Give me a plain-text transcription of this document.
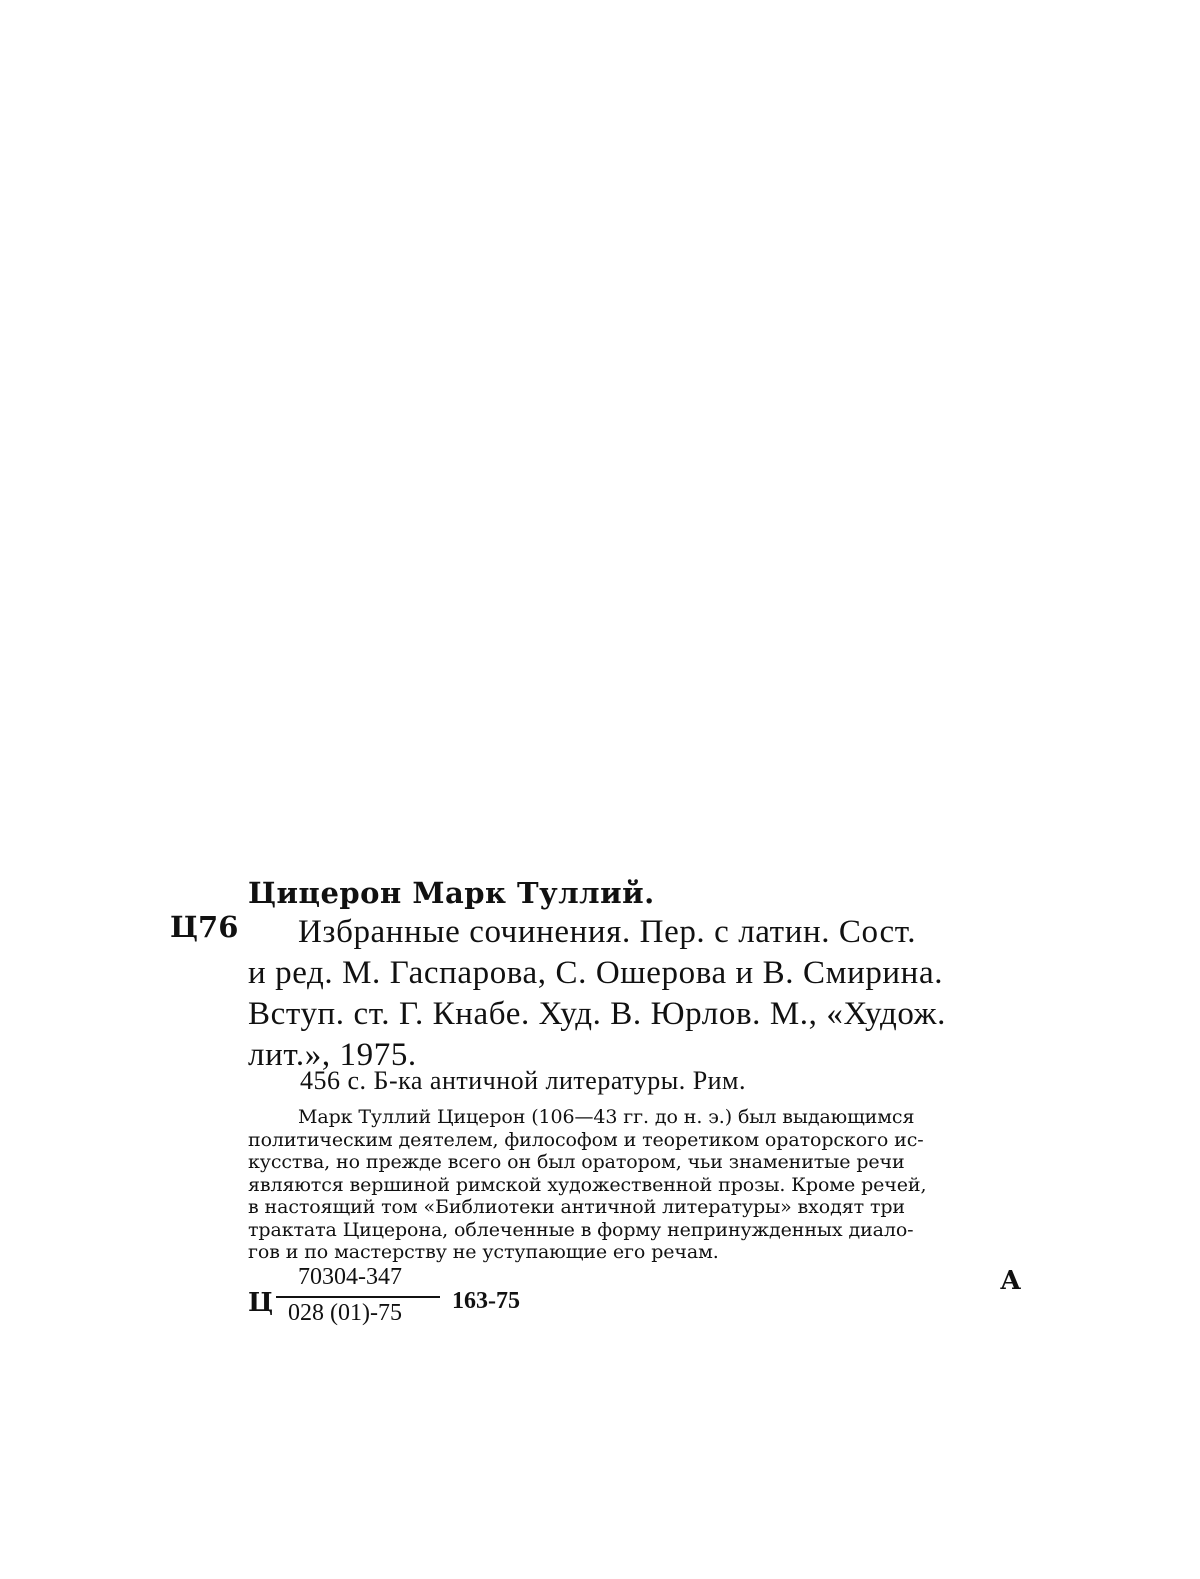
Цицерон Марк Туллий.
Ц76	Избранные сочинения. Пер. с латин. Сост.
и ред. М. Гаспарова, С. Ошерова и В. Смирина.
Вступ. ст. Г. Кнабе. Худ. В. Юрлов. М., «Худож.
лит.», 1975.
456 с. Б-ка античной литературы. Рим.
Марк Туллий Цицерон (106—43 гг. до н. э.) был выдающимся
политическим деятелем, философом и теоретиком ораторского ис-
кусства, но прежде всего он был оратором, чьи знаменитые речи
являются вершиной римской художественной прозы. Кроме речей,
в настоящий том «Библиотеки античной литературы» входят три
трактата Цицерона, облеченные в форму непринужденных диало-
гов и по мастерству не уступающие его речам.
Ц
70304-347
028 (01)-75 163-75
А
